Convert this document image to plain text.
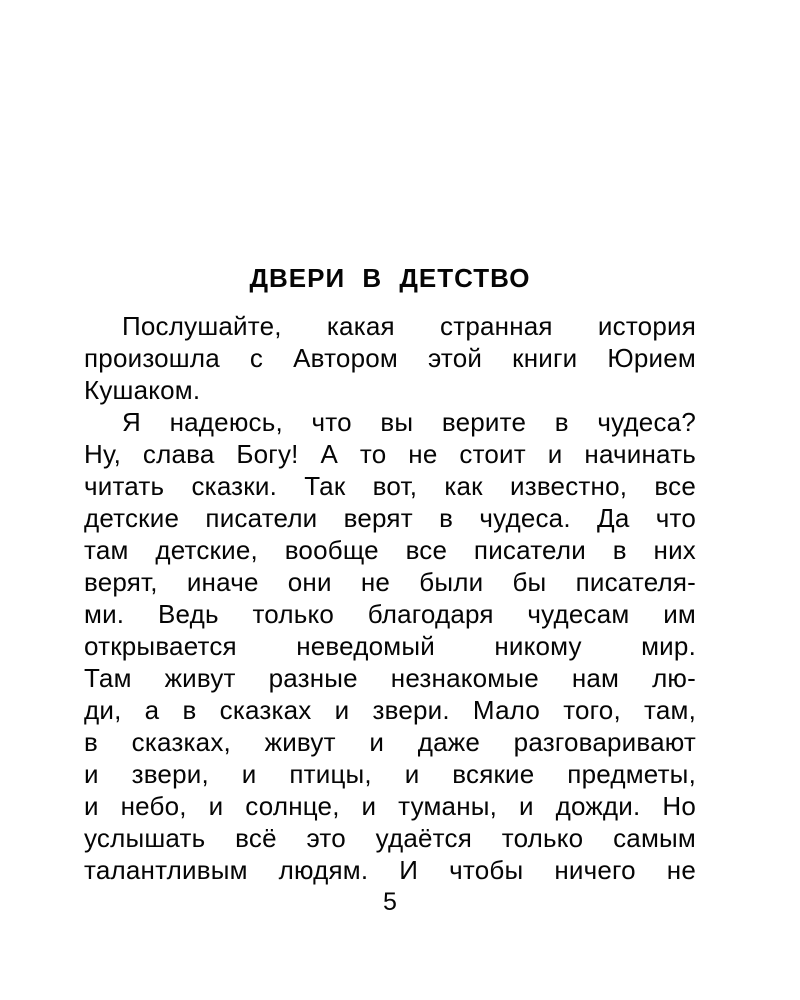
ДВЕРИ В ДЕТСТВО
Послушайте, какая странная история
произошла с Автором этой книги Юрием
Кушаком.
Я надеюсь, что вы верите в чудеса?
Ну, слава Богу! А то не стоит и начинать
читать сказки. Так вот, как известно, все
детские писатели верят в чудеса. Да что
там детские, вообще все писатели в них
верят, иначе они не были бы писателя-
ми. Ведь только благодаря чудесам им
открывается неведомый никому мир.
Там живут разные незнакомые нам лю-
ди, а в сказках и звери. Мало того, там,
в сказках, живут и даже разговаривают
и звери, и птицы, и всякие предметы,
и небо, и солнце, и туманы, и дожди. Но
услышать всё это удаётся только самым
талантливым людям. И чтобы ничего не
5
